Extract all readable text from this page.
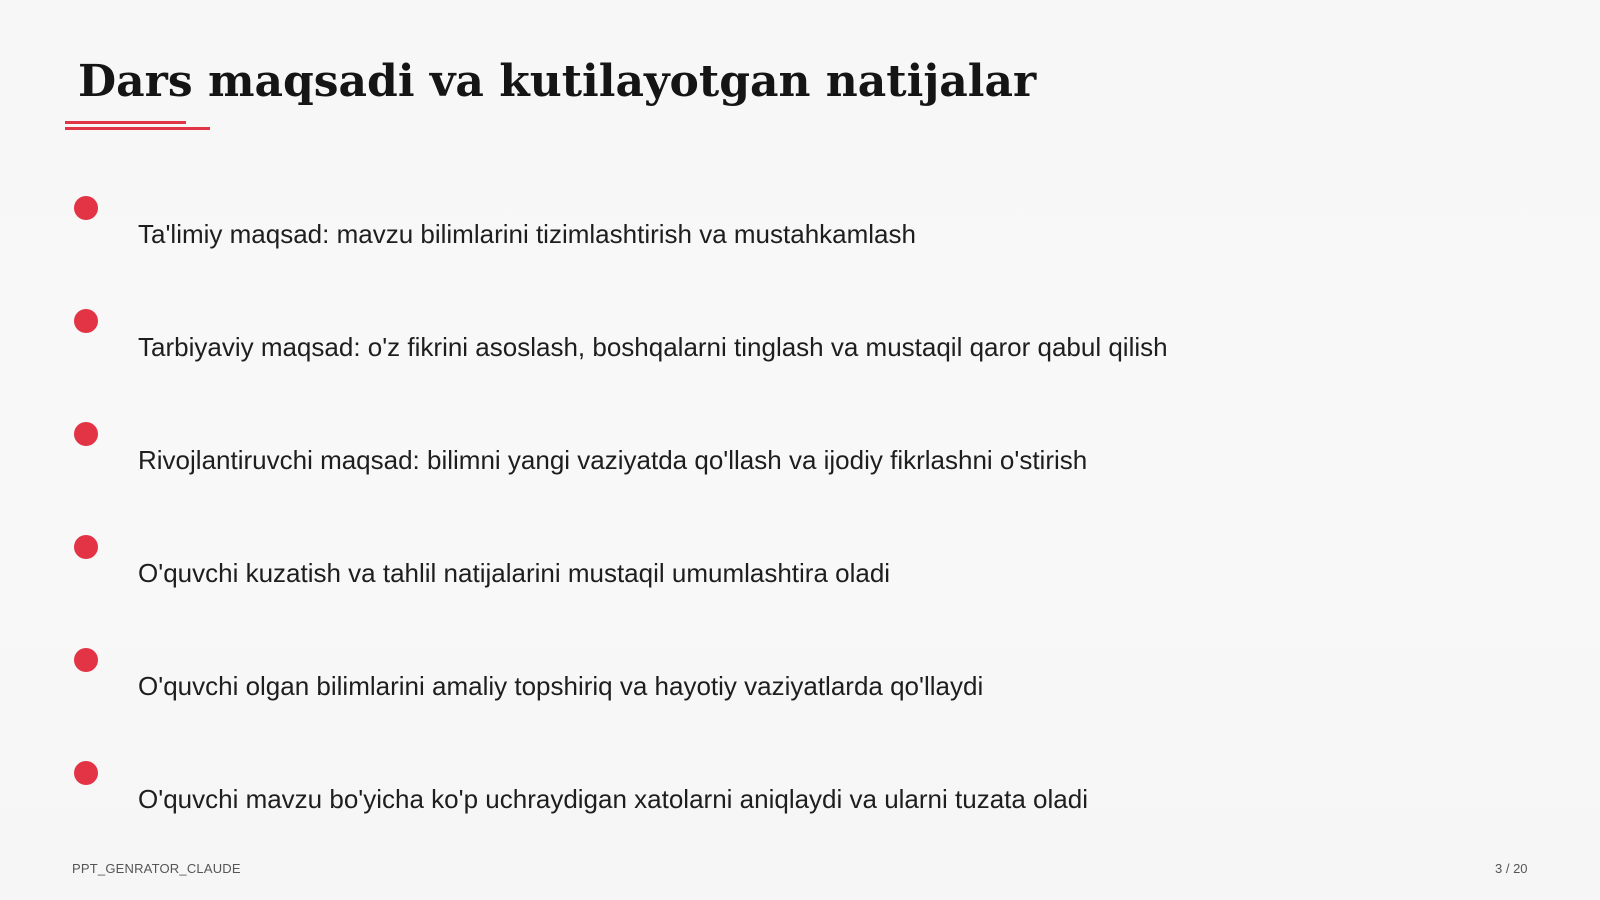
Dars maqsadi va kutilayotgan natijalar
Ta'limiy maqsad: mavzu bilimlarini tizimlashtirish va mustahkamlash
Tarbiyaviy maqsad: o'z fikrini asoslash, boshqalarni tinglash va mustaqil qaror qabul qilish
Rivojlantiruvchi maqsad: bilimni yangi vaziyatda qo'llash va ijodiy fikrlashni o'stirish
O'quvchi kuzatish va tahlil natijalarini mustaqil umumlashtira oladi
O'quvchi olgan bilimlarini amaliy topshiriq va hayotiy vaziyatlarda qo'llaydi
O'quvchi mavzu bo'yicha ko'p uchraydigan xatolarni aniqlaydi va ularni tuzata oladi
PPT_GENRATOR_CLAUDE	3 / 20
